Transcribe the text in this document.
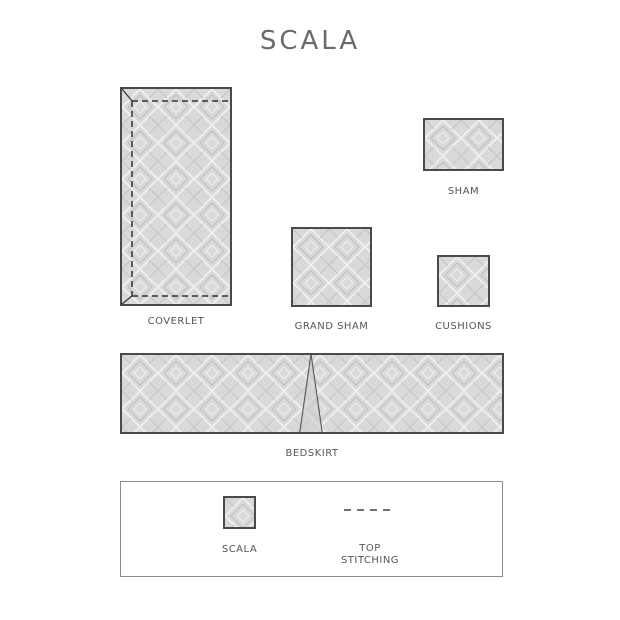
SCALA
COVERLET
SHAM
GRAND SHAM	CUSHIONS
BEDSKIRT
SCALA	TOP
STITCHING
